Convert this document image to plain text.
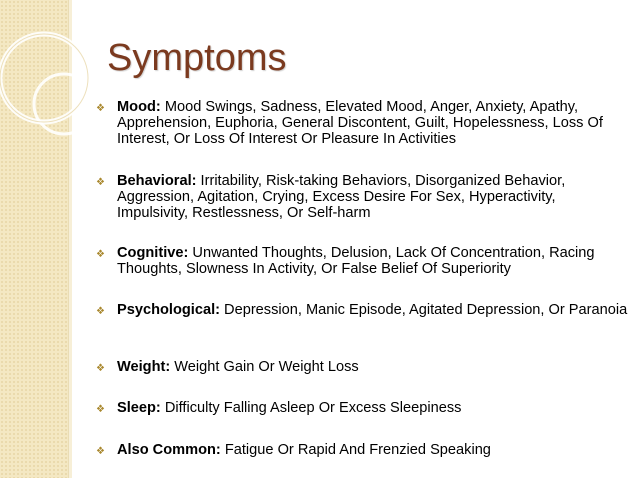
Symptoms
❖ Mood: Mood Swings, Sadness, Elevated Mood, Anger, Anxiety, Apathy, Apprehension, Euphoria, General Discontent, Guilt, Hopelessness, Loss Of Interest, Or Loss Of Interest Or Pleasure In Activities
❖ Behavioral: Irritability, Risk-taking Behaviors, Disorganized Behavior, Aggression, Agitation, Crying, Excess Desire For Sex, Hyperactivity, Impulsivity, Restlessness, Or Self-harm
❖ Cognitive: Unwanted Thoughts, Delusion, Lack Of Concentration, Racing Thoughts, Slowness In Activity, Or False Belief Of Superiority
❖ Psychological: Depression, Manic Episode, Agitated Depression, Or Paranoia
❖ Weight: Weight Gain Or Weight Loss
❖ Sleep: Difficulty Falling Asleep Or Excess Sleepiness
❖ Also Common: Fatigue Or Rapid And Frenzied Speaking
